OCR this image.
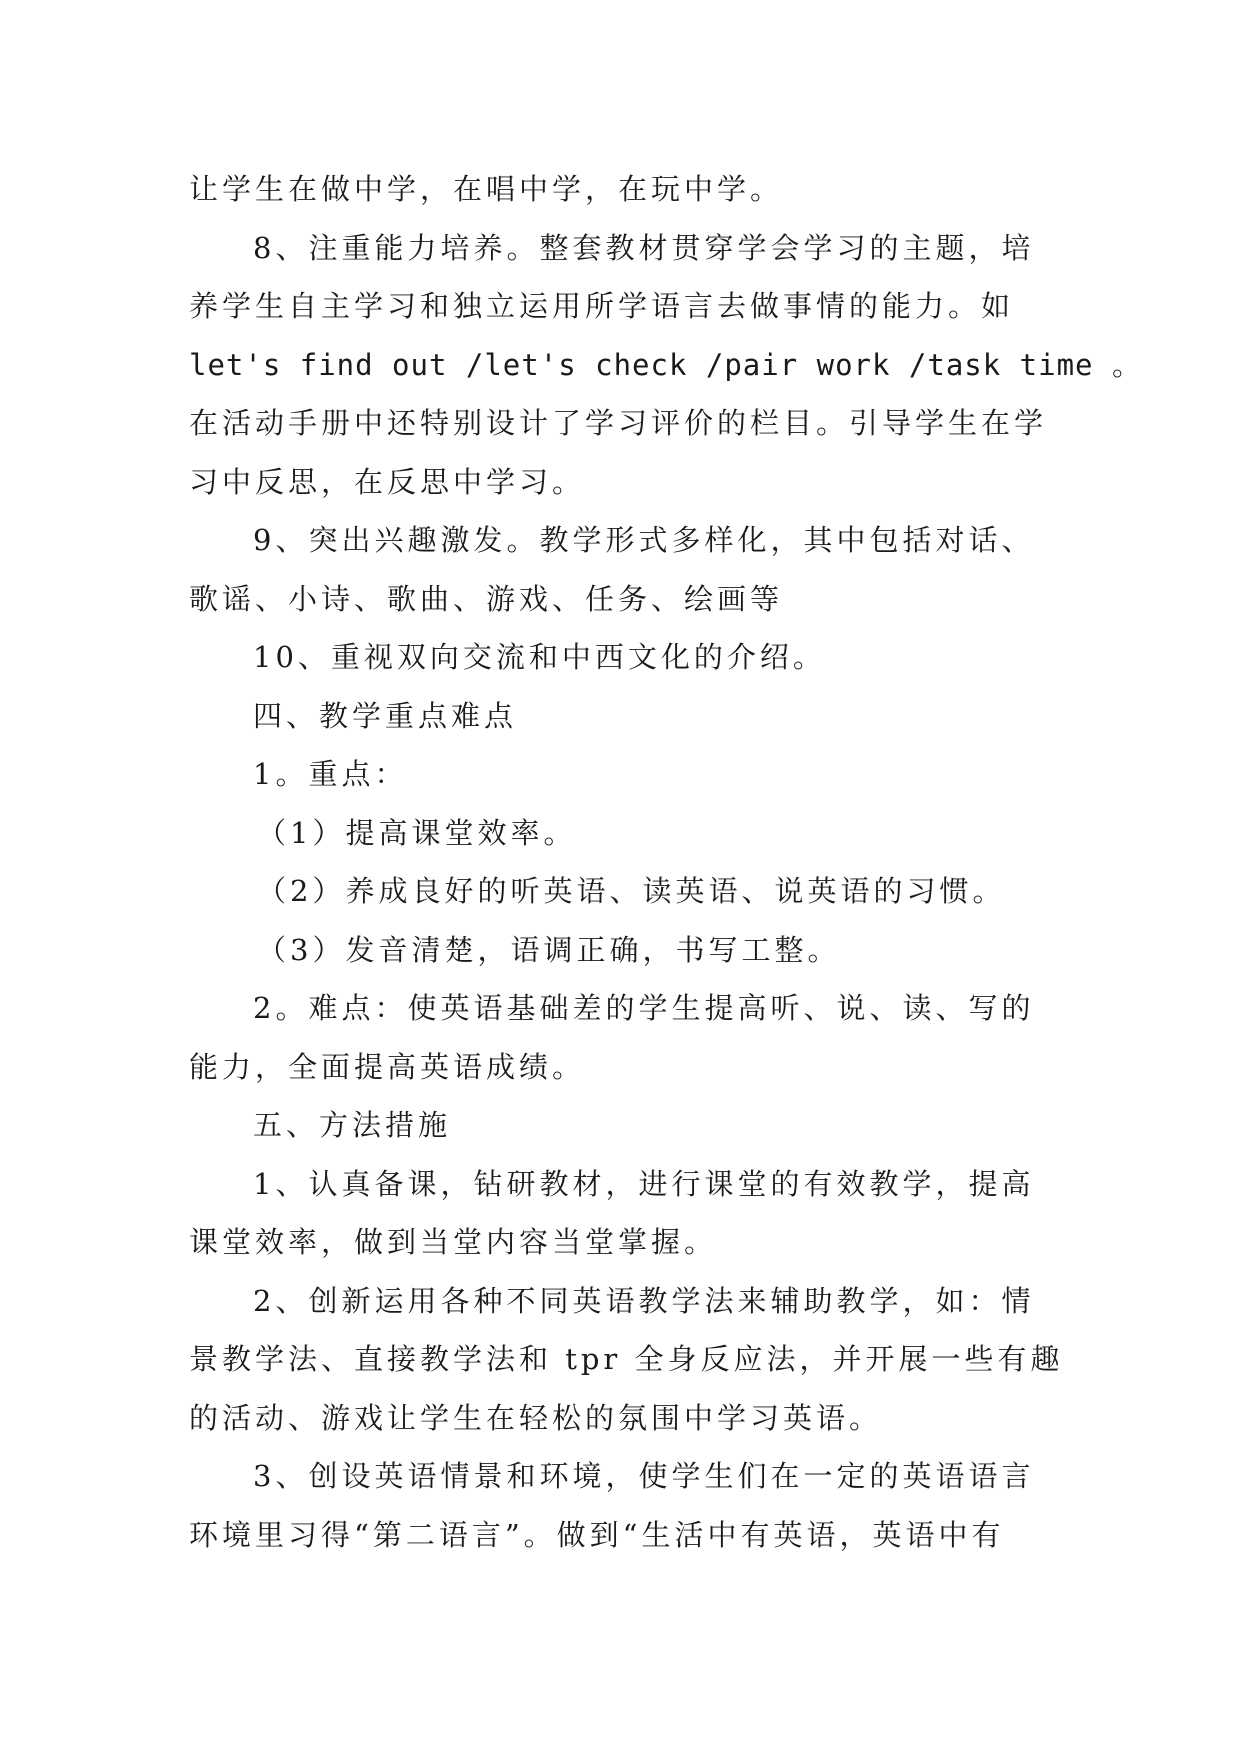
让学生在做中学，在唱中学，在玩中学。
8、注重能力培养。整套教材贯穿学会学习的主题，培
养学生自主学习和独立运用所学语言去做事情的能力。如
let's find out /let's check /pair work /task time 。
在活动手册中还特别设计了学习评价的栏目。引导学生在学
习中反思，在反思中学习。
9、突出兴趣激发。教学形式多样化，其中包括对话、
歌谣、小诗、歌曲、游戏、任务、绘画等
10、重视双向交流和中西文化的介绍。
四、教学重点难点
1。重点：
（1）提高课堂效率。
（2）养成良好的听英语、读英语、说英语的习惯。
（3）发音清楚，语调正确，书写工整。
2。难点：使英语基础差的学生提高听、说、读、写的
能力，全面提高英语成绩。
五、方法措施
1、认真备课，钻研教材，进行课堂的有效教学，提高
课堂效率，做到当堂内容当堂掌握。
2、创新运用各种不同英语教学法来辅助教学，如：情
景教学法、直接教学法和 tpr 全身反应法，并开展一些有趣
的活动、游戏让学生在轻松的氛围中学习英语。
3、创设英语情景和环境，使学生们在一定的英语语言
环境里习得“第二语言”。做到“生活中有英语，英语中有
